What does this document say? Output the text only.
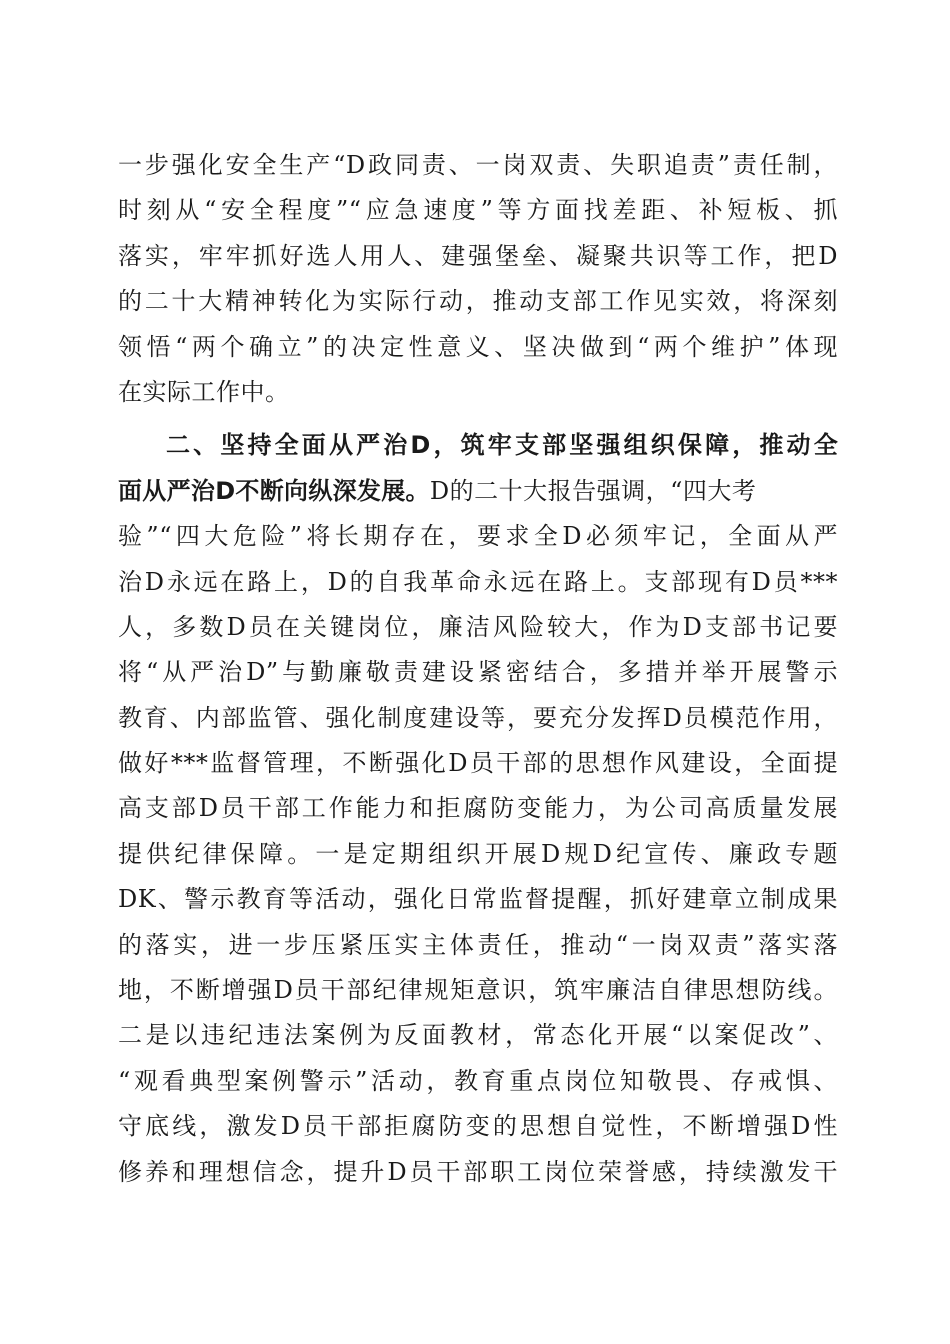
一步强化安全生产“D政同责、一岗双责、失职追责”责任制，
时刻从“安全程度”“应急速度”等方面找差距、补短板、抓
落实，牢牢抓好选人用人、建强堡垒、凝聚共识等工作，把D
的二十大精神转化为实际行动，推动支部工作见实效，将深刻
领悟“两个确立”的决定性意义、坚决做到“两个维护”体现
在实际工作中。
二、坚持全面从严治D，筑牢支部坚强组织保障，推动全
面从严治D不断向纵深发展。D的二十大报告强调，“四大考
验”“四大危险”将长期存在，要求全D必须牢记，全面从严
治D永远在路上，D的自我革命永远在路上。支部现有D员***
人，多数D员在关键岗位，廉洁风险较大，作为D支部书记要
将“从严治D”与勤廉敬责建设紧密结合，多措并举开展警示
教育、内部监管、强化制度建设等，要充分发挥D员模范作用，
做好***监督管理，不断强化D员干部的思想作风建设，全面提
高支部D员干部工作能力和拒腐防变能力，为公司高质量发展
提供纪律保障。一是定期组织开展D规D纪宣传、廉政专题
DK、警示教育等活动，强化日常监督提醒，抓好建章立制成果
的落实，进一步压紧压实主体责任，推动“一岗双责”落实落
地，不断增强D员干部纪律规矩意识，筑牢廉洁自律思想防线。
二是以违纪违法案例为反面教材，常态化开展“以案促改”、
“观看典型案例警示”活动，教育重点岗位知敬畏、存戒惧、
守底线，激发D员干部拒腐防变的思想自觉性，不断增强D性
修养和理想信念，提升D员干部职工岗位荣誉感，持续激发干
